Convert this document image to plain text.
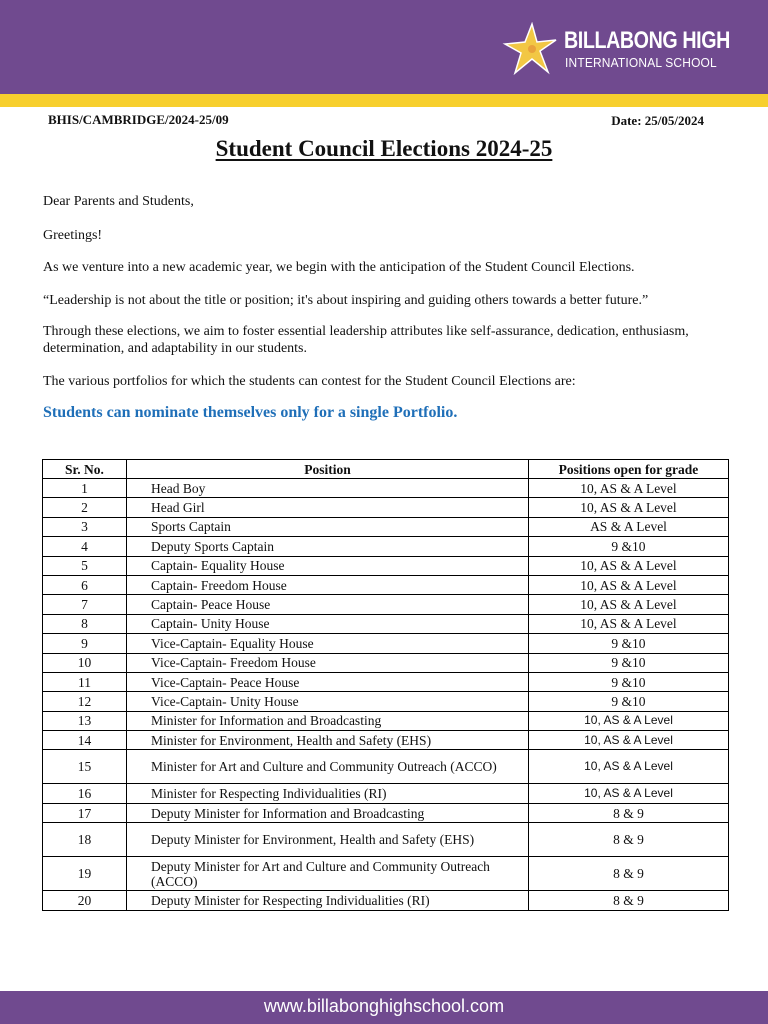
BILLABONG HIGH
INTERNATIONAL SCHOOL
BHIS/CAMBRIDGE/2024-25/09	Date: 25/05/2024
Student Council Elections 2024-25
Dear Parents and Students,
Greetings!
As we venture into a new academic year, we begin with the anticipation of the Student Council Elections.
“Leadership is not about the title or position; it's about inspiring and guiding others towards a better future.”
Through these elections, we aim to foster essential leadership attributes like self-assurance, dedication, enthusiasm, determination, and adaptability in our students.
The various portfolios for which the students can contest for the Student Council Elections are:
Students can nominate themselves only for a single Portfolio.
Sr. No.	Position	Positions open for grade
1	Head Boy	10, AS & A Level
2	Head Girl	10, AS & A Level
3	Sports Captain	AS & A Level
4	Deputy Sports Captain	9 &10
5	Captain- Equality House	10, AS & A Level
6	Captain- Freedom House	10, AS & A Level
7	Captain- Peace House	10, AS & A Level
8	Captain- Unity House	10, AS & A Level
9	Vice-Captain- Equality House	9 &10
10	Vice-Captain- Freedom House	9 &10
11	Vice-Captain- Peace House	9 &10
12	Vice-Captain- Unity House	9 &10
13	Minister for Information and Broadcasting	10, AS & A Level
14	Minister for Environment, Health and Safety (EHS)	10, AS & A Level
15	Minister for Art and Culture and Community Outreach (ACCO)	10, AS & A Level
16	Minister for Respecting Individualities (RI)	10, AS & A Level
17	Deputy Minister for Information and Broadcasting	8 & 9
18	Deputy Minister for Environment, Health and Safety (EHS)	8 & 9
19	Deputy Minister for Art and Culture and Community Outreach (ACCO)	8 & 9
20	Deputy Minister for Respecting Individualities (RI)	8 & 9
www.billabonghighschool.com
